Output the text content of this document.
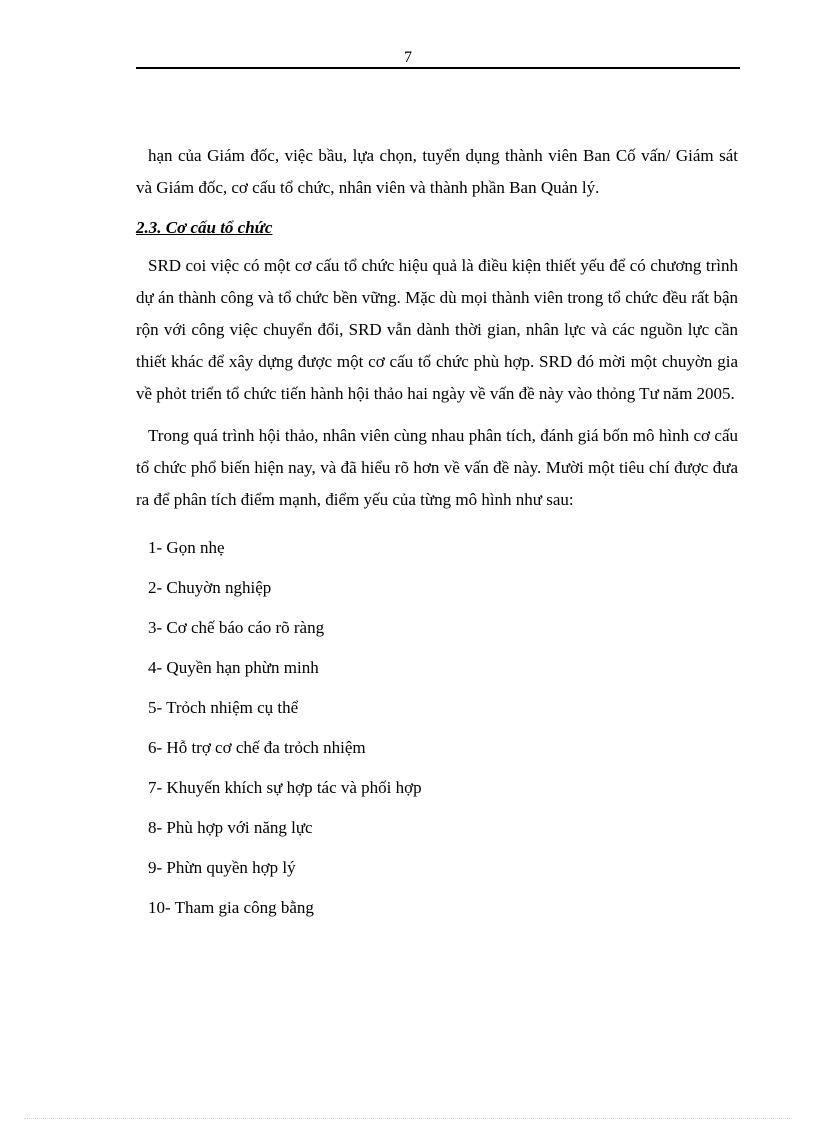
7

hạn của Giám đốc, việc bầu, lựa chọn, tuyển dụng thành viên Ban Cố vấn/ Giám sát và Giám đốc, cơ cấu tổ chức, nhân viên và thành phần Ban Quản lý.

2.3. Cơ cấu tổ chức

SRD coi việc có một cơ cấu tổ chức hiệu quả là điều kiện thiết yếu để có chương trình dự án thành công và tổ chức bền vững. Mặc dù mọi thành viên trong tổ chức đều rất bận rộn với công việc chuyển đổi, SRD vẫn dành thời gian, nhân lực và các nguồn lực cần thiết khác để xây dựng được một cơ cấu tổ chức phù hợp. SRD đó mời một chuyờn gia về phỏt triển tổ chức tiến hành hội thảo hai ngày về vấn đề này vào thỏng Tư năm 2005.

Trong quá trình hội thảo, nhân viên cùng nhau phân tích, đánh giá bốn mô hình cơ cấu tổ chức phổ biến hiện nay, và đã hiểu rõ hơn về vấn đề này. Mười một tiêu chí được đưa ra để phân tích điểm mạnh, điểm yếu của từng mô hình như sau:

1- Gọn nhẹ
2- Chuyờn nghiệp
3- Cơ chế báo cáo rõ ràng
4- Quyền hạn phừn minh
5- Trỏch nhiệm cụ thể
6- Hỗ trợ cơ chế đa trỏch nhiệm
7- Khuyến khích sự hợp tác và phối hợp
8- Phù hợp với năng lực
9- Phừn quyền hợp lý
10- Tham gia công bằng
